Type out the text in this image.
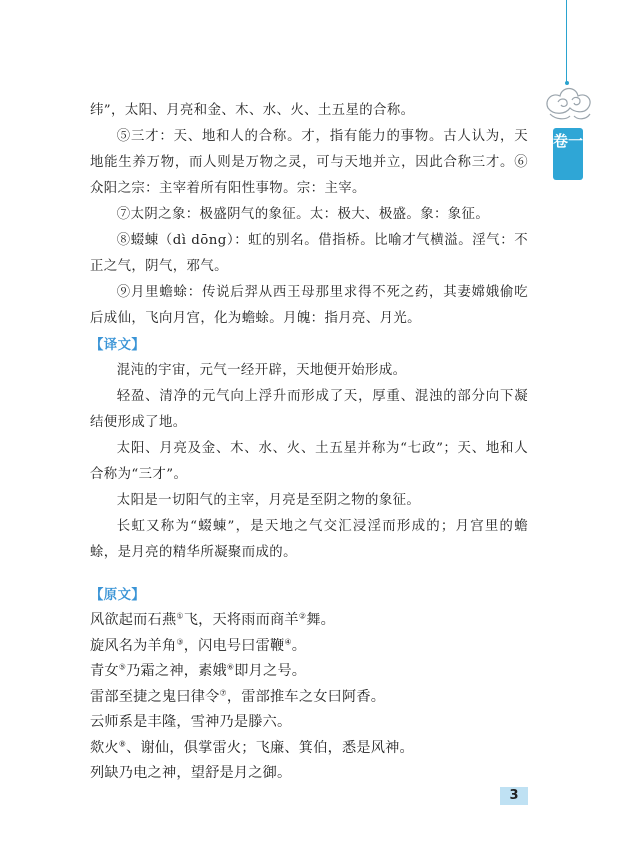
卷一

纬”，太阳、月亮和金、木、水、火、土五星的合称。

⑤三才：天、地和人的合称。才，指有能力的事物。古人认为，天地能生养万物，而人则是万物之灵，可与天地并立，因此合称三才。⑥众阳之宗：主宰着所有阳性事物。宗：主宰。

⑦太阴之象：极盛阴气的象征。太：极大、极盛。象：象征。

⑧蝃蝀（dì dōng）：虹的别名。借指桥。比喻才气横溢。淫气：不正之气，阴气，邪气。

⑨月里蟾蜍：传说后羿从西王母那里求得不死之药，其妻嫦娥偷吃后成仙，飞向月宫，化为蟾蜍。月魄：指月亮、月光。

【译文】

混沌的宇宙，元气一经开辟，天地便开始形成。

轻盈、清净的元气向上浮升而形成了天，厚重、混浊的部分向下凝结便形成了地。

太阳、月亮及金、木、水、火、土五星并称为“七政”；天、地和人合称为“三才”。

太阳是一切阳气的主宰，月亮是至阴之物的象征。

长虹又称为“蝃蝀”，是天地之气交汇浸淫而形成的；月宫里的蟾蜍，是月亮的精华所凝聚而成的。

【原文】

风欲起而石燕①飞，天将雨而商羊②舞。

旋风名为羊角③，闪电号曰雷鞭④。

青女⑤乃霜之神，素娥⑥即月之号。

雷部至捷之鬼曰律令⑦，雷部推车之女曰阿香。

云师系是丰隆，雪神乃是滕六。

欻火⑧、谢仙，俱掌雷火；飞廉、箕伯，悉是风神。

列缺乃电之神，望舒是月之御。

3
